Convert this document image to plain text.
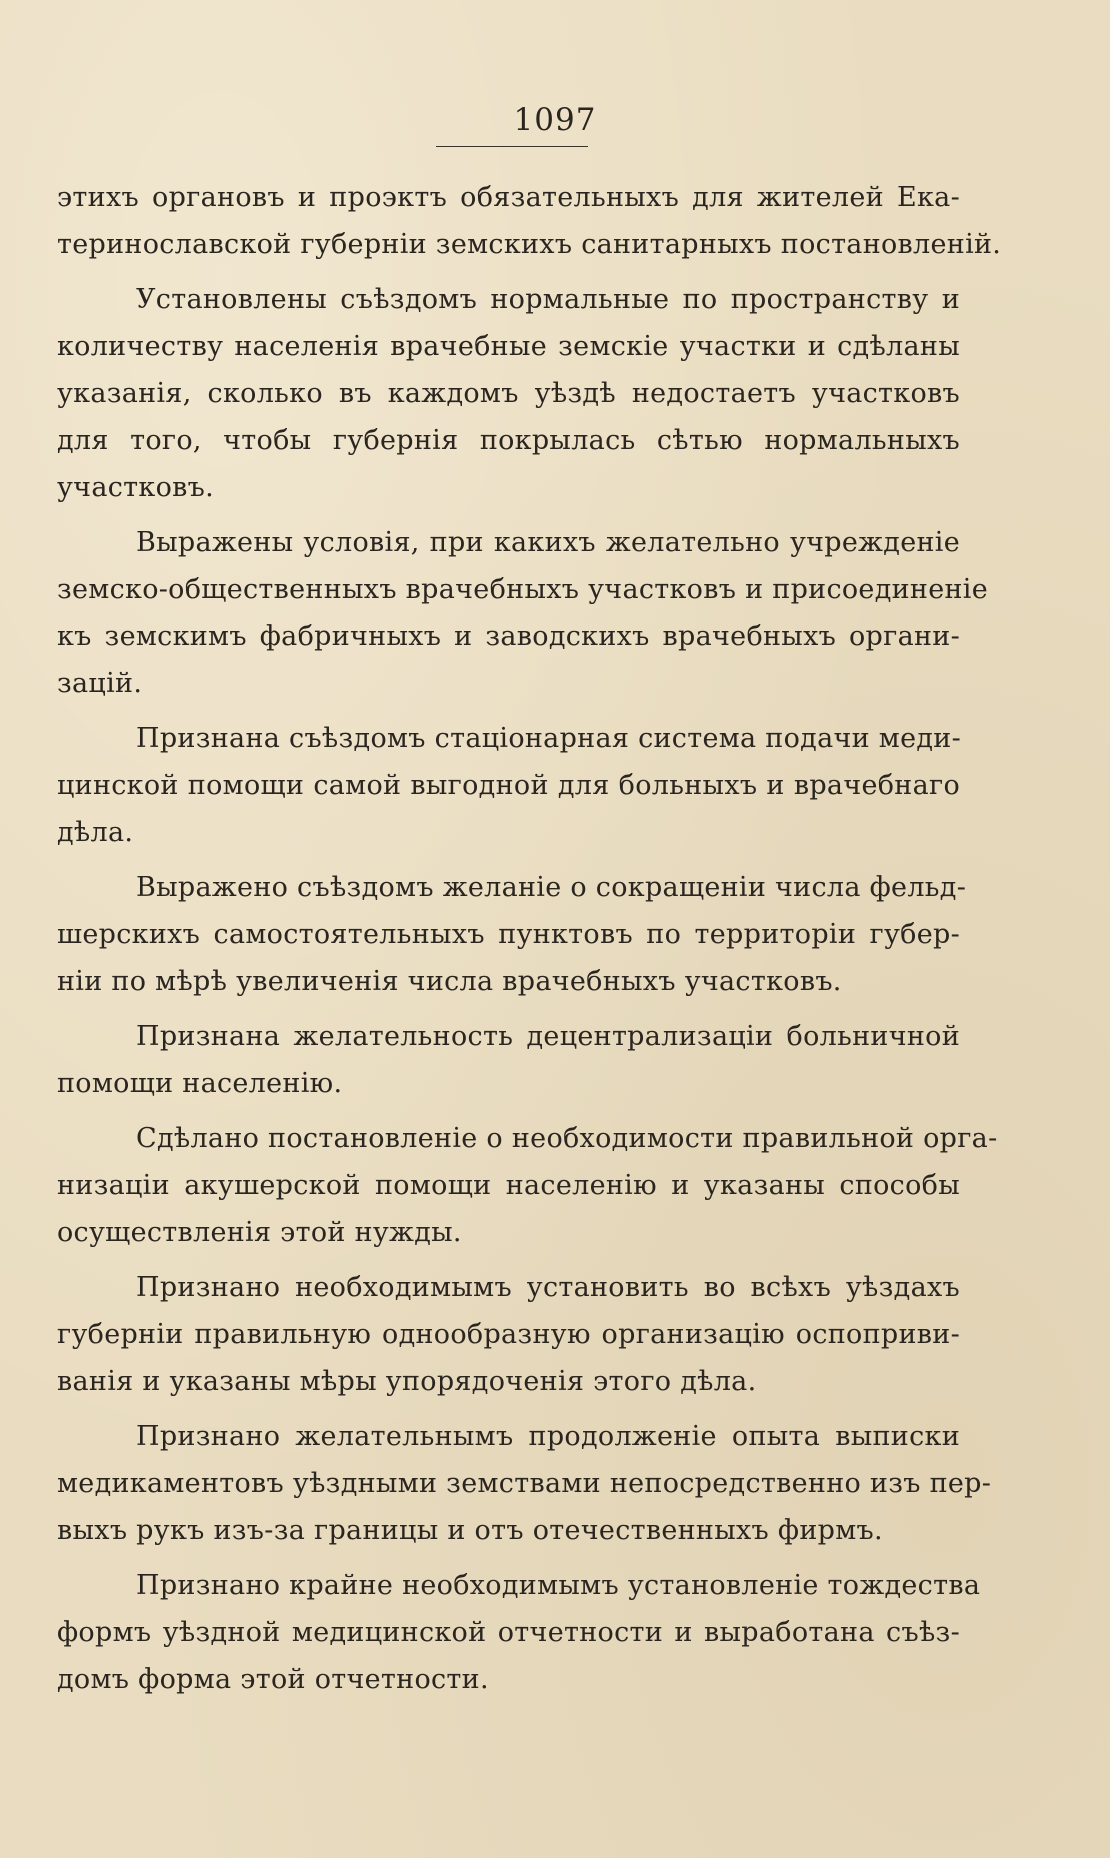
1097

этихъ органовъ и проэктъ обязательныхъ для жителей Ека-
теринославской губерніи земскихъ санитарныхъ постановленій.
Установлены съѣздомъ нормальные по пространству и
количеству населенія врачебные земскіе участки и сдѣланы
указанія, сколько въ каждомъ уѣздѣ недостаетъ участковъ
для того, чтобы губернія покрылась сѣтью нормальныхъ
участковъ.
Выражены условія, при какихъ желательно учрежденіе
земско-общественныхъ врачебныхъ участковъ и присоединеніе
къ земскимъ фабричныхъ и заводскихъ врачебныхъ органи-
зацій.
Признана съѣздомъ стаціонарная система подачи меди-
цинской помощи самой выгодной для больныхъ и врачебнаго
дѣла.
Выражено съѣздомъ желаніе о сокращеніи числа фельд-
шерскихъ самостоятельныхъ пунктовъ по территоріи губер-
ніи по мѣрѣ увеличенія числа врачебныхъ участковъ.
Признана желательность децентрализаціи больничной
помощи населенію.
Сдѣлано постановленіе о необходимости правильной орга-
низаціи акушерской помощи населенію и указаны способы
осуществленія этой нужды.
Признано необходимымъ установить во всѣхъ уѣздахъ
губерніи правильную однообразную организацію оспоприви-
ванія и указаны мѣры упорядоченія этого дѣла.
Признано желательнымъ продолженіе опыта выписки
медикаментовъ уѣздными земствами непосредственно изъ пер-
выхъ рукъ изъ-за границы и отъ отечественныхъ фирмъ.
Признано крайне необходимымъ установленіе тождества
формъ уѣздной медицинской отчетности и выработана съѣз-
домъ форма этой отчетности.
